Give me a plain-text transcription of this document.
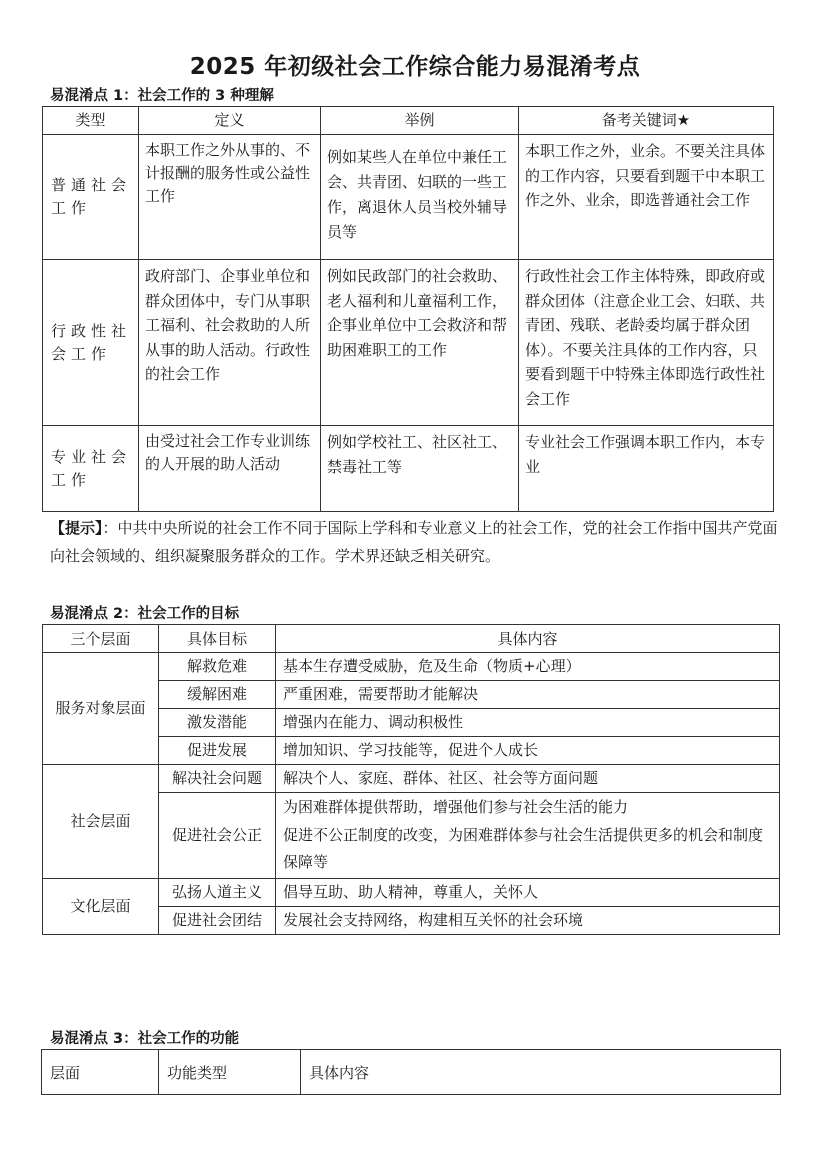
2025 年初级社会工作综合能力易混淆考点
易混淆点 1：社会工作的 3 种理解
类型	定义	举例	备考关键词★
普通社会工作	本职工作之外从事的、不计报酬的服务性或公益性工作	例如某些人在单位中兼任工会、共青团、妇联的一些工作，离退休人员当校外辅导员等	本职工作之外，业余。不要关注具体的工作内容，只要看到题干中本职工作之外、业余，即选普通社会工作
行政性社会工作	政府部门、企事业单位和群众团体中，专门从事职工福利、社会救助的人所从事的助人活动。行政性的社会工作	例如民政部门的社会救助、老人福利和儿童福利工作，企事业单位中工会救济和帮助困难职工的工作	行政性社会工作主体特殊，即政府或群众团体（注意企业工会、妇联、共青团、残联、老龄委均属于群众团体）。不要关注具体的工作内容，只要看到题干中特殊主体即选行政性社会工作
专业社会工作	由受过社会工作专业训练的人开展的助人活动	例如学校社工、社区社工、禁毒社工等	专业社会工作强调本职工作内，本专业
【提示】：中共中央所说的社会工作不同于国际上学科和专业意义上的社会工作，党的社会工作指中国共产党面向社会领域的、组织凝聚服务群众的工作。学术界还缺乏相关研究。
易混淆点 2：社会工作的目标
三个层面	具体目标	具体内容
服务对象层面	解救危难	基本生存遭受威胁，危及生命（物质+心理）
	缓解困难	严重困难，需要帮助才能解决
	激发潜能	增强内在能力、调动积极性
	促进发展	增加知识、学习技能等，促进个人成长
社会层面	解决社会问题	解决个人、家庭、群体、社区、社会等方面问题
	促进社会公正	为困难群体提供帮助，增强他们参与社会生活的能力
促进不公正制度的改变，为困难群体参与社会生活提供更多的机会和制度保障等

文化层面	弘扬人道主义	倡导互助、助人精神，尊重人，关怀人
	促进社会团结	发展社会支持网络，构建相互关怀的社会环境
易混淆点 3：社会工作的功能
层面	功能类型	具体内容
